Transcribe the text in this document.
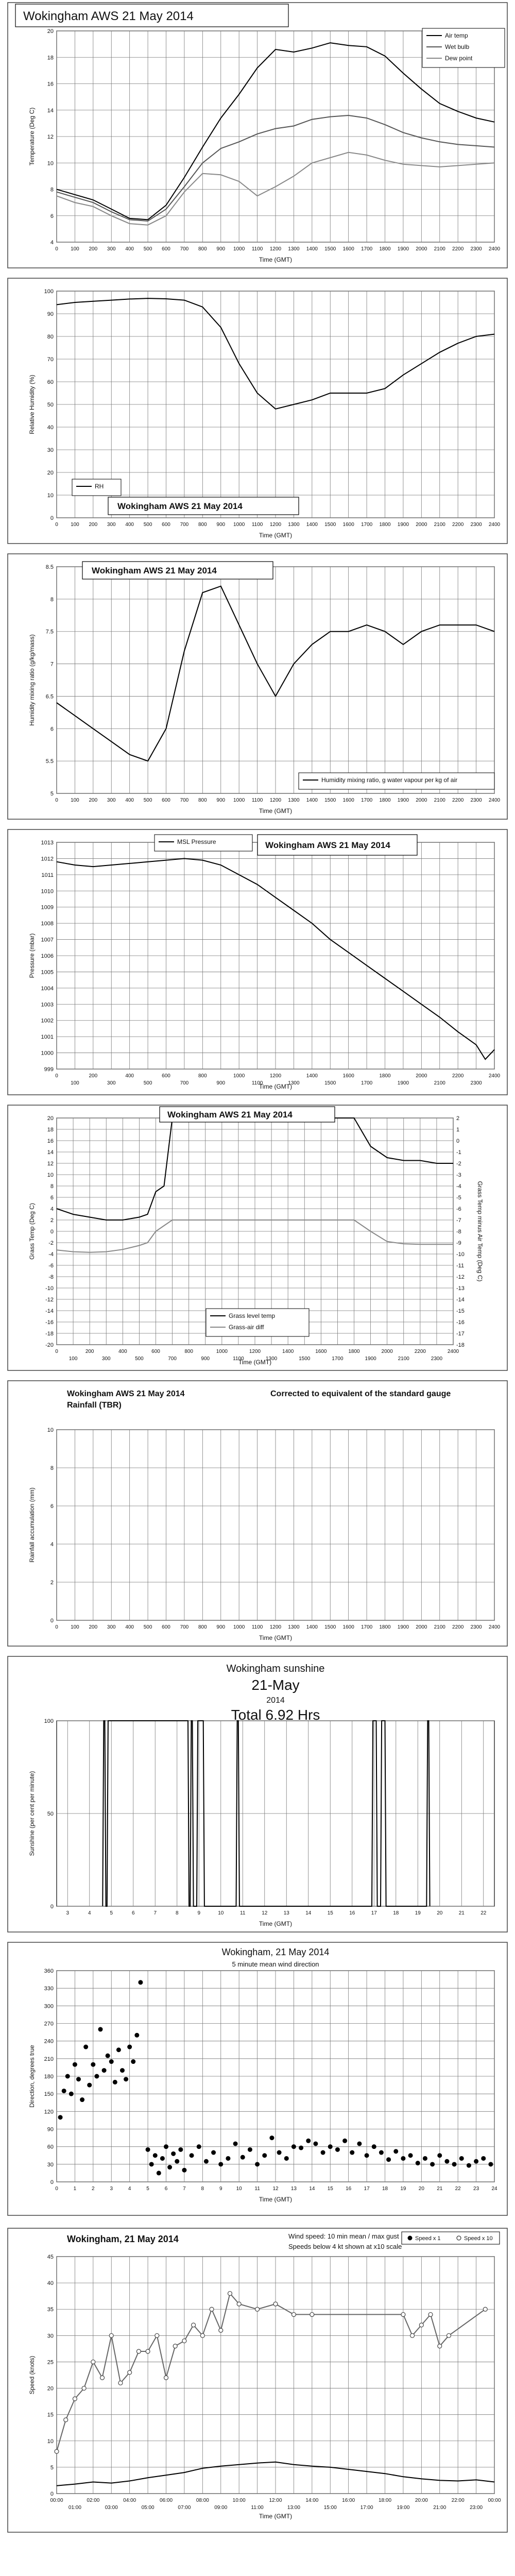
4
6
8
10
12
14
16
18
20
0 100 200 300 400 500 600 700 800 900 1000 1100 1200 1300 1400 1500 1600 1700 1800 1900 2000 2100 2200 2300 2400
Time (GMT)
Temperature (Deg C)
Wokingham AWS 21 May 2014
Air temp
Wet bulb
Dew point
0
10
20
30
40
50
60
70
80
90
100
0 100 200 300 400 500 600 700 800 900 1000 1100 1200 1300 1400 1500 1600 1700 1800 1900 2000 2100 2200 2300 2400
Time (GMT)
Relative Humidity (%)
Wokingham AWS 21 May 2014
RH
5
5.5
6
6.5
7
7.5
8
8.5
0 100 200 300 400 500 600 700 800 900 1000 1100 1200 1300 1400 1500 1600 1700 1800 1900 2000 2100 2200 2300 2400
Time (GMT)
Humidity mixing ratio (g/kg/mass)
Wokingham AWS 21 May 2014
Humidity mixing ratio, g water vapour per kg of air
999
1000
1001
1002
1003
1004
1005
1006
1007
1008
1009
1010
1011
1012
1013
0
100
200
300
400
500
600
700
800
900
1000
1100
1200
1300
1400
1500
1600
1700
1800
1900
2000
2100
2200
2300
2400
Time (GMT)
Pressure (mbar)
Wokingham AWS 21 May 2014
MSL Pressure
-20
-18
-16
-14
-12
-10
-8
-6
-4
-2
0
2
4
6
8
10
12
14
16
18
20
0
100
200
300
400
500
600
700
800
900
1000
1100
1200
1300
1400
1500
1600
1700
1800
1900
2000
2100
2200
2300
2400
-18
-17
-16
-15
-14
-13
-12
-11
-10
-9
-8
-7
-6
-5
-4
-3
-2
-1
0
1
2
Grass Temp minus Air Temp (Deg C)
Time (GMT)
Grass Temp (Deg C)
Wokingham AWS 21 May 2014
Grass level temp
Grass-air diff
0
2
4
6
8
10
0 100 200 300 400 500 600 700 800 900 1000 1100 1200 1300 1400 1500 1600 1700 1800 1900 2000 2100 2200 2300 2400
Time (GMT)
Rainfall accumulation (mm)
Wokingham AWS 21 May 2014
Rainfall (TBR)
Corrected to equivalent of the standard gauge
0
50
100
3	4	5	6	7	8	9	10	11	12	13	14	15	16	17	18	19	20	21	22
Time (GMT)
Sunshine (per cent per minute)
Wokingham sunshine
21-May
2014
Total 6.92 Hrs
0
30
60
90
120
150
180
210
240
270
300
330
360
0	1	2	3	4	5	6	7	8	9	10 11 12 13 14 15 16 17 18 19 20 21 22 23 24
Time (GMT)
Direction, degrees true
Wokingham, 21 May 2014
5 minute mean wind direction
0
5
10
15
20
25
30
35
40
45
00:00
01:00
02:00
03:00
04:00
05:00
06:00
07:00
08:00
09:00
10:00
11:00
12:00
13:00
14:00
15:00
16:00
17:00
18:00
19:00
20:00
21:00
22:00
23:00
00:00
Time (GMT)
Speed (knots)
Wokingham, 21 May 2014	Wind speed: 10 min mean / max gust
Speeds below 4 kt shown at x10 scale
Speed x 1	Speed x 10
